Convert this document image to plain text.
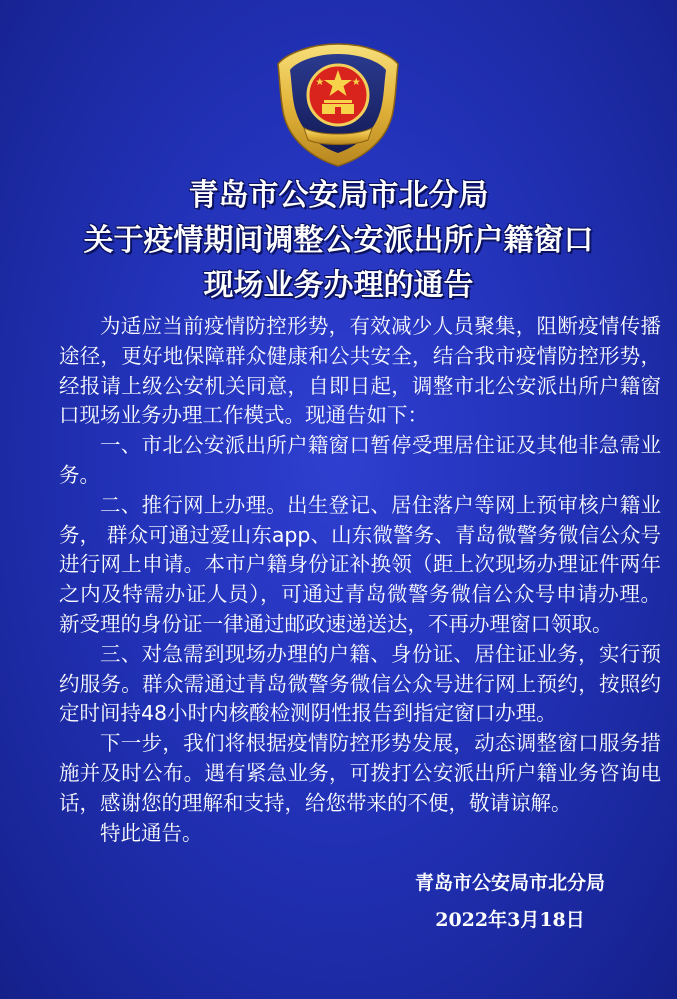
青岛市公安局市北分局
关于疫情期间调整公安派出所户籍窗口
现场业务办理的通告

为适应当前疫情防控形势，有效减少人员聚集，阻断疫情传播途径，更好地保障群众健康和公共安全，结合我市疫情防控形势，经报请上级公安机关同意，自即日起，调整市北公安派出所户籍窗口现场业务办理工作模式。现通告如下：

一、市北公安派出所户籍窗口暂停受理居住证及其他非急需业务。

二、推行网上办理。出生登记、居住落户等网上预审核户籍业务， 群众可通过爱山东app、山东微警务、青岛微警务微信公众号进行网上申请。本市户籍身份证补换领（距上次现场办理证件两年之内及特需办证人员），可通过青岛微警务微信公众号申请办理。新受理的身份证一律通过邮政速递送达，不再办理窗口领取。

三、对急需到现场办理的户籍、身份证、居住证业务，实行预约服务。群众需通过青岛微警务微信公众号进行网上预约，按照约定时间持48小时内核酸检测阴性报告到指定窗口办理。

下一步，我们将根据疫情防控形势发展，动态调整窗口服务措施并及时公布。遇有紧急业务，可拨打公安派出所户籍业务咨询电话，感谢您的理解和支持，给您带来的不便，敬请谅解。

特此通告。

青岛市公安局市北分局
2022年3月18日
